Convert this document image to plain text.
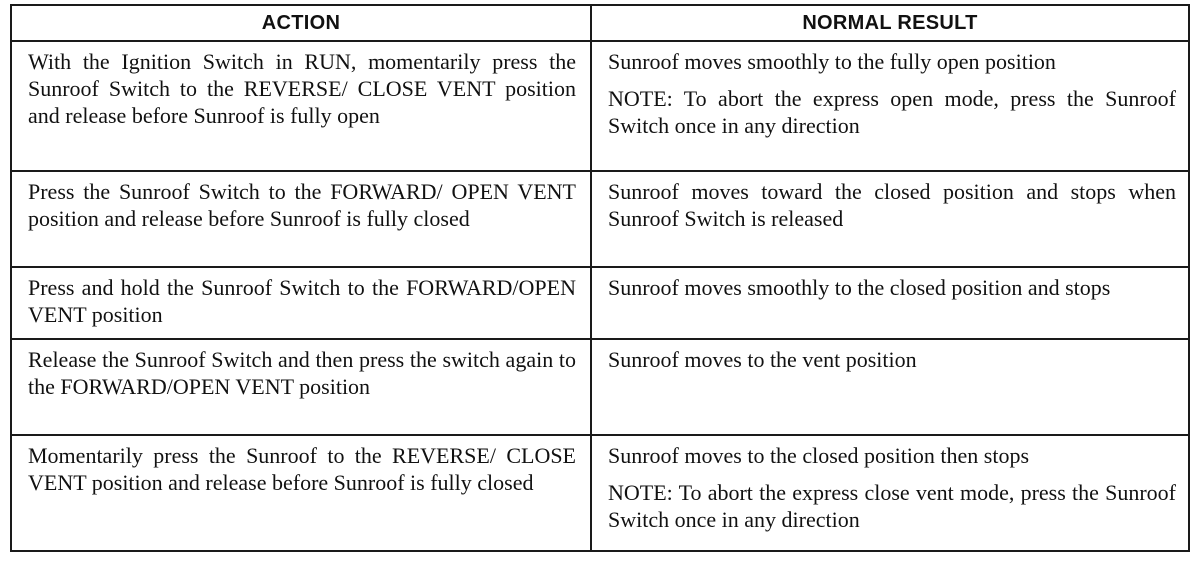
ACTION	NORMAL RESULT
With the Ignition Switch in RUN, momentarily press the Sunroof Switch to the REVERSE/ CLOSE VENT position and release before Sunroof is fully open	Sunroof moves smoothly to the fully open position
NOTE: To abort the express open mode, press the Sunroof Switch once in any direction

Press the Sunroof Switch to the FORWARD/ OPEN VENT position and release before Sunroof is fully closed	Sunroof moves toward the closed position and stops when Sunroof Switch is released

Press and hold the Sunroof Switch to the FORWARD/OPEN VENT position	Sunroof moves smoothly to the closed position and stops

Release the Sunroof Switch and then press the switch again to the FORWARD/OPEN VENT position	Sunroof moves to the vent position

Momentarily press the Sunroof to the REVERSE/ CLOSE VENT position and release before Sunroof is fully closed	Sunroof moves to the closed position then stops
NOTE: To abort the express close vent mode, press the Sunroof Switch once in any direction
